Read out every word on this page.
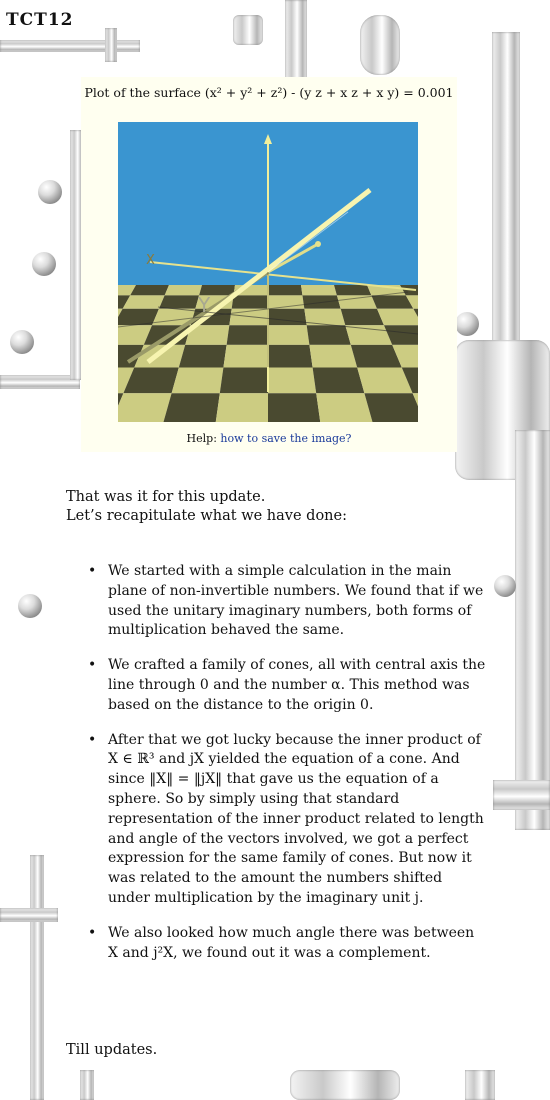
TCT12
Plot of the surface (x² + y² + z²) - (y z + x z + x y) = 0.001
X
Y
Help: how to save the image?
That was it for this update.
Let’s recapitulate what we have done:
• We started with a simple calculation in the main plane of non-invertible numbers. We found that if we used the unitary imaginary numbers, both forms of multiplication behaved the same.
• We crafted a family of cones, all with central axis the line through 0 and the number α. This method was based on the distance to the origin 0.
• After that we got lucky because the inner product of X ∈ ℝ³ and jX yielded the equation of a cone. And since ‖X‖ = ‖jX‖ that gave us the equation of a sphere. So by simply using that standard representation of the inner product related to length and angle of the vectors involved, we got a perfect expression for the same family of cones. But now it was related to the amount the numbers shifted under multiplication by the imaginary unit j.
• We also looked how much angle there was between X and j²X, we found out it was a complement.
Till updates.
